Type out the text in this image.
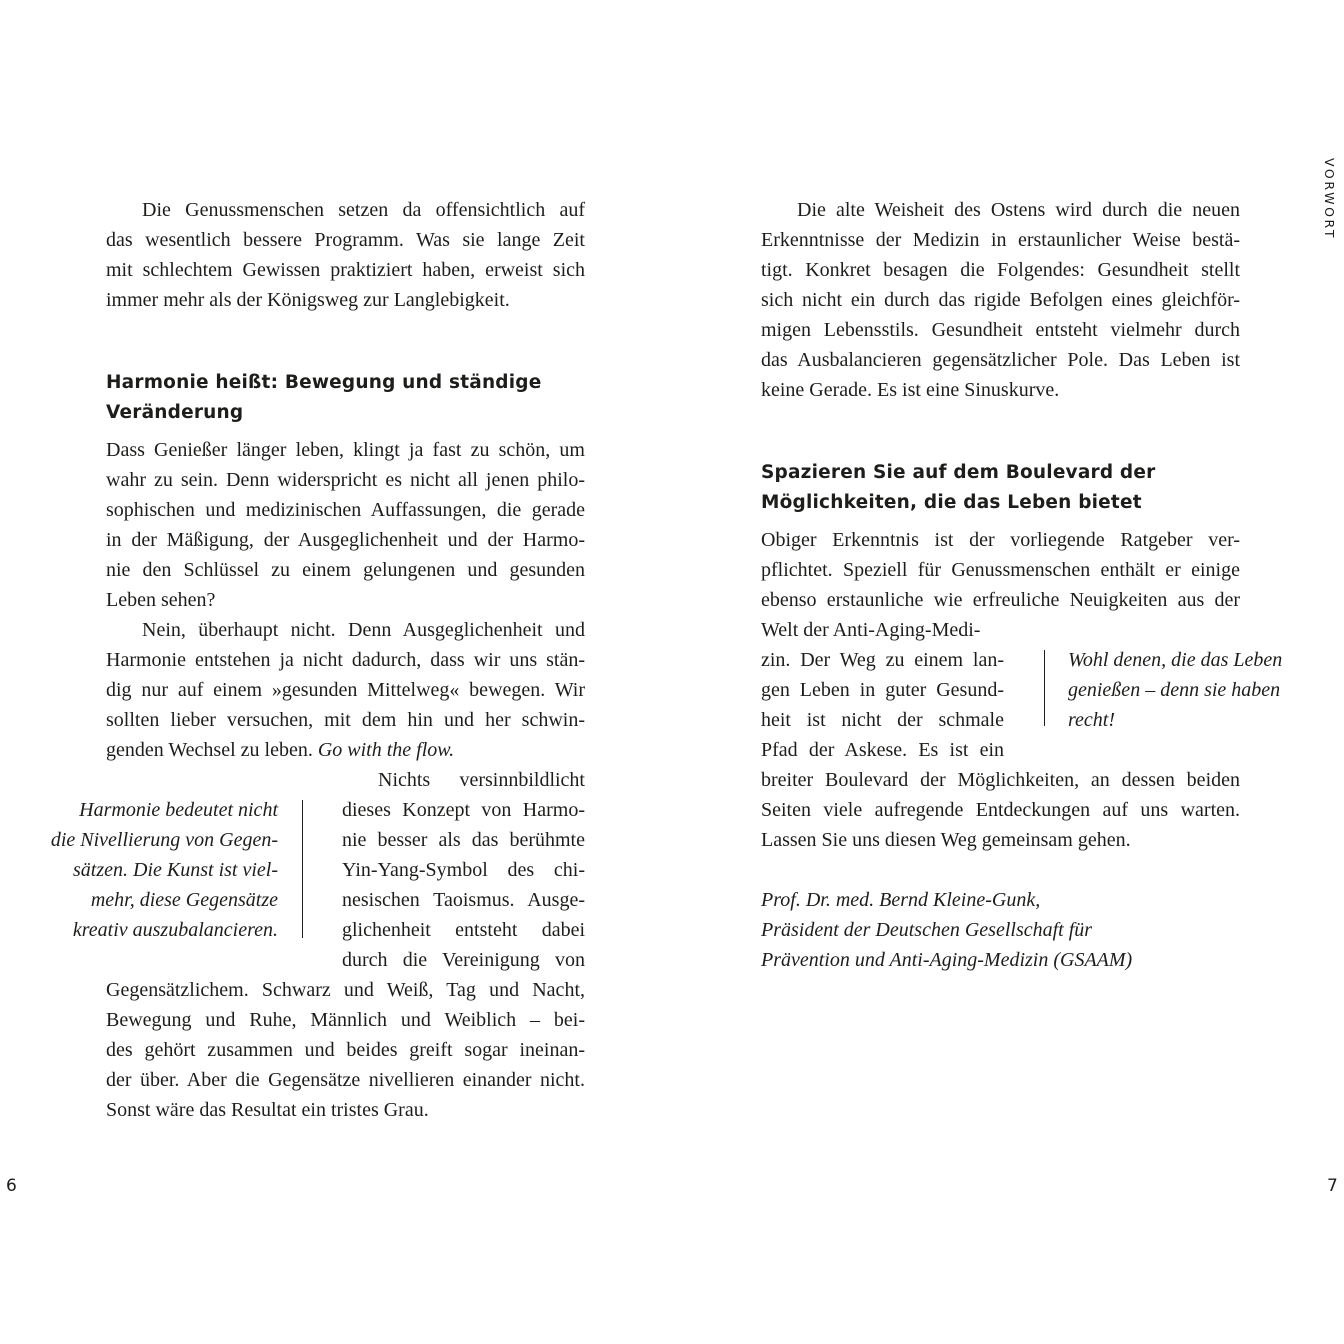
VORWORT
Die Genussmenschen setzen da offensichtlich auf
das wesentlich bessere Programm. Was sie lange Zeit
mit schlechtem Gewissen praktiziert haben, erweist sich
immer mehr als der Königsweg zur Langlebigkeit.
Harmonie heißt: Bewegung und ständige
Veränderung
Dass Genießer länger leben, klingt ja fast zu schön, um
wahr zu sein. Denn widerspricht es nicht all jenen philo-
sophischen und medizinischen Auffassungen, die gerade
in der Mäßigung, der Ausgeglichenheit und der Harmo-
nie den Schlüssel zu einem gelungenen und gesunden
Leben sehen?
Nein, überhaupt nicht. Denn Ausgeglichenheit und
Harmonie entstehen ja nicht dadurch, dass wir uns stän-
dig nur auf einem »gesunden Mittelweg« bewegen. Wir
sollten lieber versuchen, mit dem hin und her schwin-
genden Wechsel zu leben. Go with the flow.
Nichts versinnbildlicht
dieses Konzept von Harmo-
nie besser als das berühmte
Yin-Yang-Symbol des chi-
nesischen Taoismus. Ausge-
glichenheit entsteht dabei
durch die Vereinigung von
Gegensätzlichem. Schwarz und Weiß, Tag und Nacht,
Bewegung und Ruhe, Männlich und Weiblich – bei-
des gehört zusammen und beides greift sogar ineinan-
der über. Aber die Gegensätze nivellieren einander nicht.
Sonst wäre das Resultat ein tristes Grau.
Harmonie bedeutet nicht
die Nivellierung von Gegen-
sätzen. Die Kunst ist viel-
mehr, diese Gegensätze
kreativ auszubalancieren.
6
Die alte Weisheit des Ostens wird durch die neuen
Erkenntnisse der Medizin in erstaunlicher Weise bestä-
tigt. Konkret besagen die Folgendes: Gesundheit stellt
sich nicht ein durch das rigide Befolgen eines gleichför-
migen Lebensstils. Gesundheit entsteht vielmehr durch
das Ausbalancieren gegensätzlicher Pole. Das Leben ist
keine Gerade. Es ist eine Sinuskurve.
Spazieren Sie auf dem Boulevard der
Möglichkeiten, die das Leben bietet
Obiger Erkenntnis ist der vorliegende Ratgeber ver-
pflichtet. Speziell für Genussmenschen enthält er einige
ebenso erstaunliche wie erfreuliche Neuigkeiten aus der
Welt der Anti-Aging-Medi-
zin. Der Weg zu einem lan-
gen Leben in guter Gesund-
heit ist nicht der schmale
Pfad der Askese. Es ist ein
breiter Boulevard der Möglichkeiten, an dessen beiden
Seiten viele aufregende Entdeckungen auf uns warten.
Lassen Sie uns diesen Weg gemeinsam gehen.
Wohl denen, die das Leben
genießen – denn sie haben
recht!
Prof. Dr. med. Bernd Kleine-Gunk,
Präsident der Deutschen Gesellschaft für
Prävention und Anti-Aging-Medizin (GSAAM)
7
